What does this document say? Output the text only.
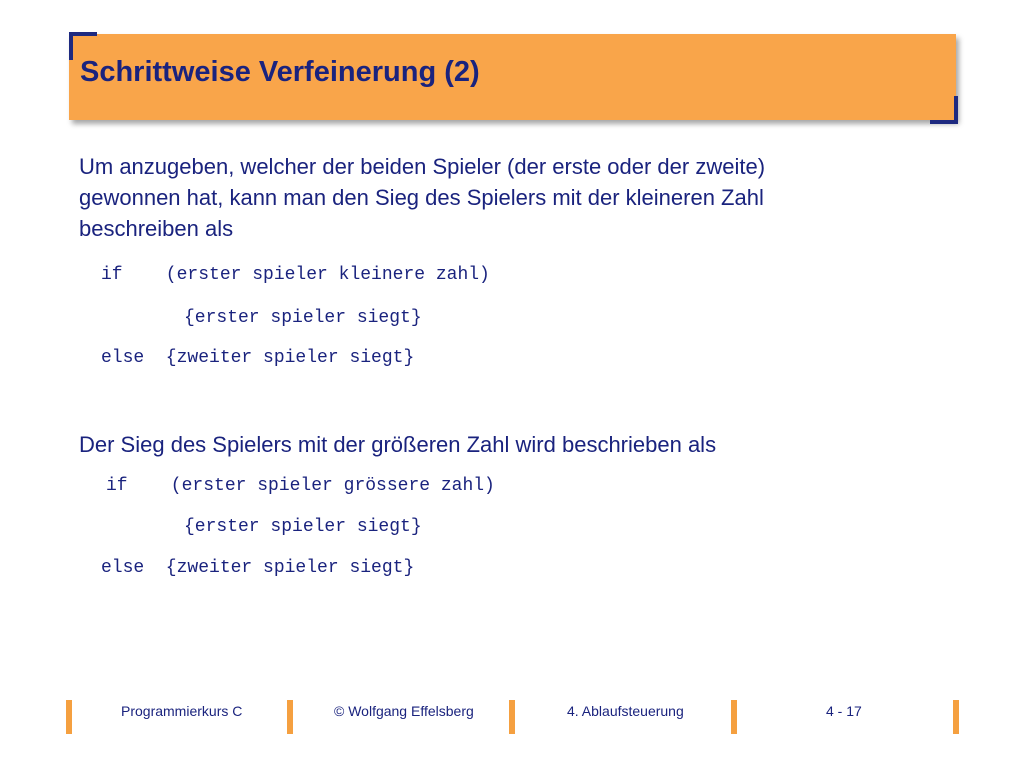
Schrittweise Verfeinerung (2)

Um anzugeben, welcher der beiden Spieler (der erste oder der zweite)

gewonnen hat, kann man den Sieg des Spielers mit der kleineren Zahl

beschreiben als

if    (erster spieler kleinere zahl)

{erster spieler siegt}

else  {zweiter spieler siegt}

Der Sieg des Spielers mit der größeren Zahl wird beschrieben als

if    (erster spieler grössere zahl)

{erster spieler siegt}

else  {zweiter spieler siegt}

Programmierkurs C	© Wolfgang Effelsberg	4. Ablaufsteuerung	4 - 17
